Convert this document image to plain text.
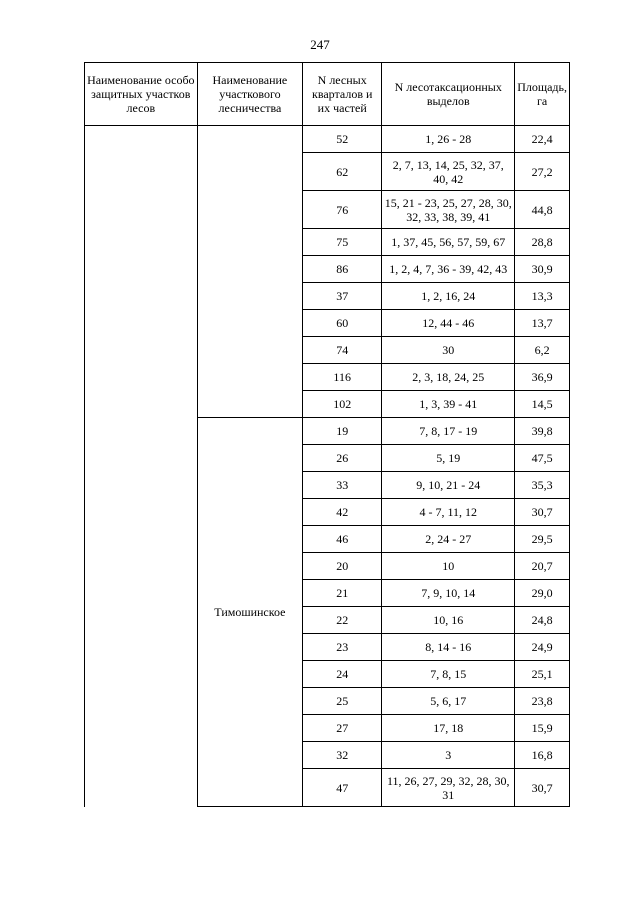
247
Наименование особо защитных участков лесов	Наименование участкового лесничества	N лесных кварталов и их частей	N лесотаксационных выделов	Площадь, га
		52	1, 26 - 28	22,4
		62	2, 7, 13, 14, 25, 32, 37, 40, 42	27,2
		76	15, 21 - 23, 25, 27, 28, 30, 32, 33, 38, 39, 41	44,8
		75	1, 37, 45, 56, 57, 59, 67	28,8
		86	1, 2, 4, 7, 36 - 39, 42, 43	30,9
		37	1, 2, 16, 24	13,3
		60	12, 44 - 46	13,7
		74	30	6,2
		116	2, 3, 18, 24, 25	36,9
		102	1, 3, 39 - 41	14,5
	Тимошинское	19	7, 8, 17 - 19	39,8
		26	5, 19	47,5
		33	9, 10, 21 - 24	35,3
		42	4 - 7, 11, 12	30,7
		46	2, 24 - 27	29,5
		20	10	20,7
		21	7, 9, 10, 14	29,0
		22	10, 16	24,8
		23	8, 14 - 16	24,9
		24	7, 8, 15	25,1
		25	5, 6, 17	23,8
		27	17, 18	15,9
		32	3	16,8
		47	11, 26, 27, 29, 32, 28, 30, 31	30,7
